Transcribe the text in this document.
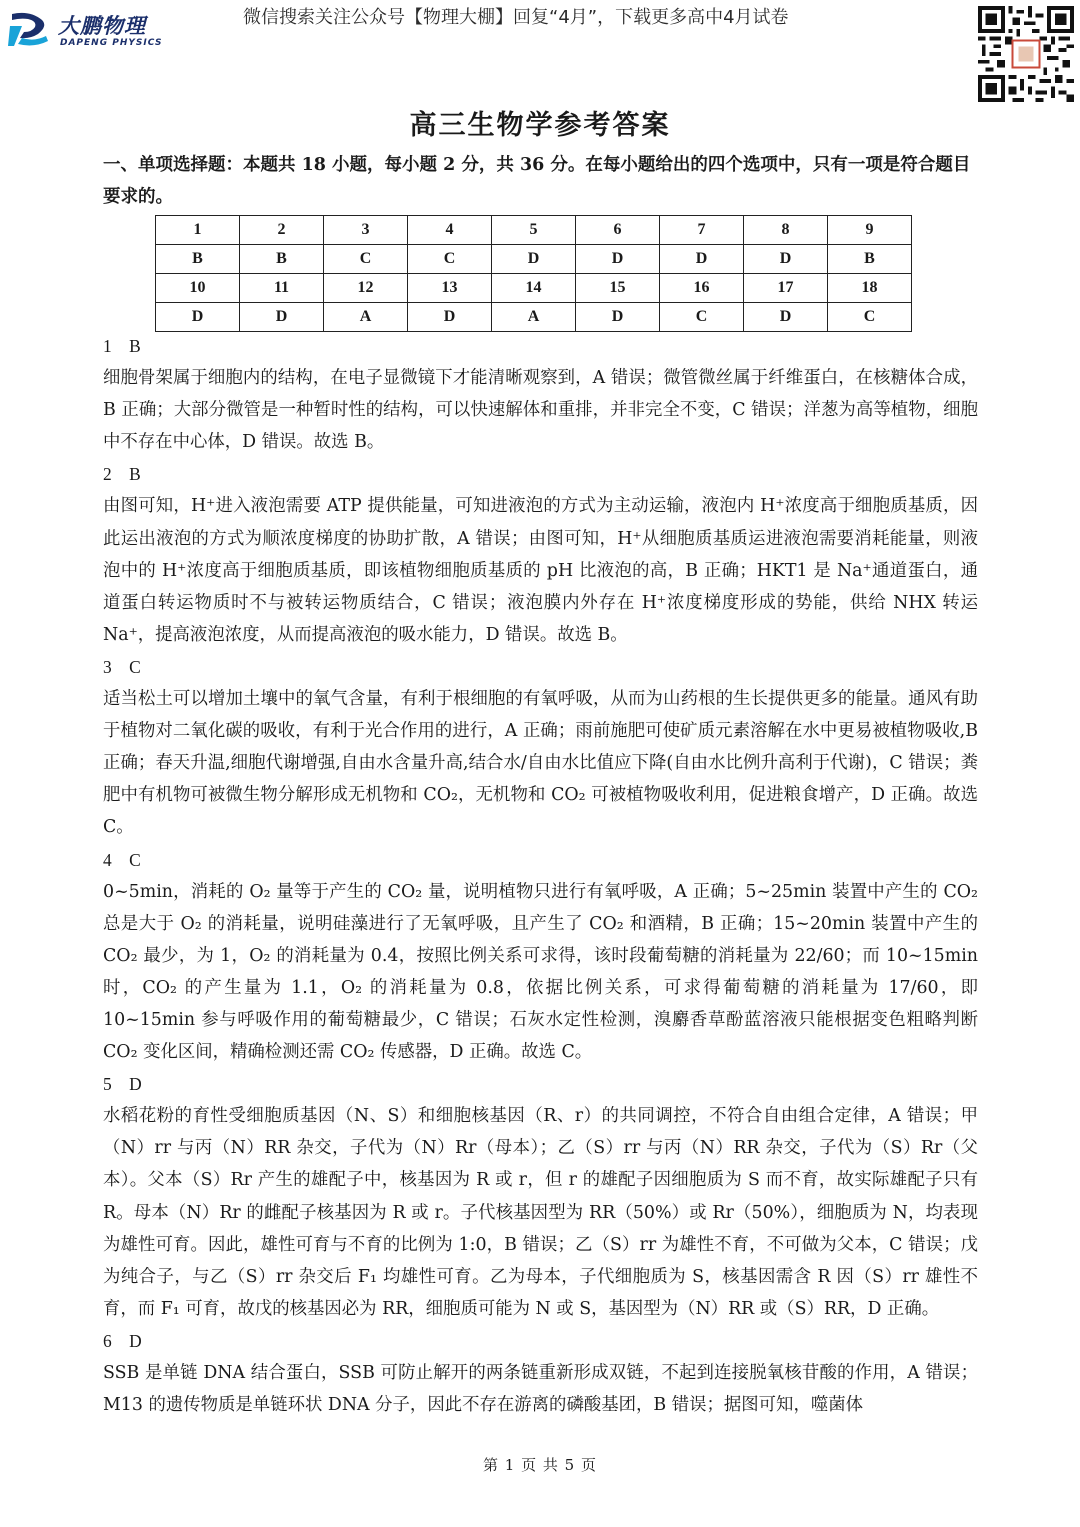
大鹏物理
DAPENG PHYSICS
微信搜索关注公众号【物理大棚】回复“4月”，下载更多高中4月试卷
高三生物学参考答案
一、单项选择题：本题共 18 小题，每小题 2 分，共 36 分。在每小题给出的四个选项中，只有一项是符合题目要求的。
1	2	3	4	5	6	7	8	9
B	B	C	C	D	D	D	D	B
10	11	12	13	14	15	16	17	18
D	D	A	D	A	D	C	D	C

1　B

细胞骨架属于细胞内的结构，在电子显微镜下才能清晰观察到，A 错误；微管微丝属于纤维蛋白，在核糖体合成，B 正确；大部分微管是一种暂时性的结构，可以快速解体和重排，并非完全不变，C 错误；洋葱为高等植物，细胞中不存在中心体，D 错误。故选 B。

2　B

由图可知，H⁺进入液泡需要 ATP 提供能量，可知进液泡的方式为主动运输，液泡内 H⁺浓度高于细胞质基质，因此运出液泡的方式为顺浓度梯度的协助扩散，A 错误；由图可知，H⁺从细胞质基质运进液泡需要消耗能量，则液泡中的 H⁺浓度高于细胞质基质，即该植物细胞质基质的 pH 比液泡的高，B 正确；HKT1 是 Na⁺通道蛋白，通道蛋白转运物质时不与被转运物质结合，C 错误；液泡膜内外存在 H⁺浓度梯度形成的势能，供给 NHX 转运 Na⁺，提高液泡浓度，从而提高液泡的吸水能力，D 错误。故选 B。

3　C

适当松土可以增加土壤中的氧气含量，有利于根细胞的有氧呼吸，从而为山药根的生长提供更多的能量。通风有助于植物对二氧化碳的吸收，有利于光合作用的进行，A 正确；雨前施肥可使矿质元素溶解在水中更易被植物吸收,B 正确；春天升温,细胞代谢增强,自由水含量升高,结合水/自由水比值应下降(自由水比例升高利于代谢)，C 错误；粪肥中有机物可被微生物分解形成无机物和 CO₂，无机物和 CO₂ 可被植物吸收利用，促进粮食增产，D 正确。故选 C。

4　C

0~5min，消耗的 O₂ 量等于产生的 CO₂ 量，说明植物只进行有氧呼吸，A 正确；5~25min 装置中产生的 CO₂ 总是大于 O₂ 的消耗量，说明硅藻进行了无氧呼吸，且产生了 CO₂ 和酒精，B 正确；15~20min 装置中产生的 CO₂ 最少，为 1，O₂ 的消耗量为 0.4，按照比例关系可求得，该时段葡萄糖的消耗量为 22/60；而 10~15min 时，CO₂ 的产生量为 1.1，O₂ 的消耗量为 0.8，依据比例关系，可求得葡萄糖的消耗量为 17/60，即 10~15min 参与呼吸作用的葡萄糖最少，C 错误；石灰水定性检测，溴麝香草酚蓝溶液只能根据变色粗略判断 CO₂ 变化区间，精确检测还需 CO₂ 传感器，D 正确。故选 C。

5　D

水稻花粉的育性受细胞质基因（N、S）和细胞核基因（R、r）的共同调控，不符合自由组合定律，A 错误；甲（N）rr 与丙（N）RR 杂交，子代为（N）Rr（母本）；乙（S）rr 与丙（N）RR 杂交，子代为（S）Rr（父本）。父本（S）Rr 产生的雄配子中，核基因为 R 或 r，但 r 的雄配子因细胞质为 S 而不育，故实际雄配子只有 R。母本（N）Rr 的雌配子核基因为 R 或 r。子代核基因型为 RR（50%）或 Rr（50%），细胞质为 N，均表现为雄性可育。因此，雄性可育与不育的比例为 1:0，B 错误；乙（S）rr 为雄性不育，不可做为父本，C 错误；戊为纯合子，与乙（S）rr 杂交后 F₁ 均雄性可育。乙为母本，子代细胞质为 S，核基因需含 R 因（S）rr 雄性不育，而 F₁ 可育，故戊的核基因必为 RR，细胞质可能为 N 或 S，基因型为（N）RR 或（S）RR，D 正确。

6　D

SSB 是单链 DNA 结合蛋白，SSB 可防止解开的两条链重新形成双链，不起到连接脱氧核苷酸的作用，A 错误；M13 的遗传物质是单链环状 DNA 分子，因此不存在游离的磷酸基团，B 错误；据图可知，噬菌体

第 1 页 共 5 页
